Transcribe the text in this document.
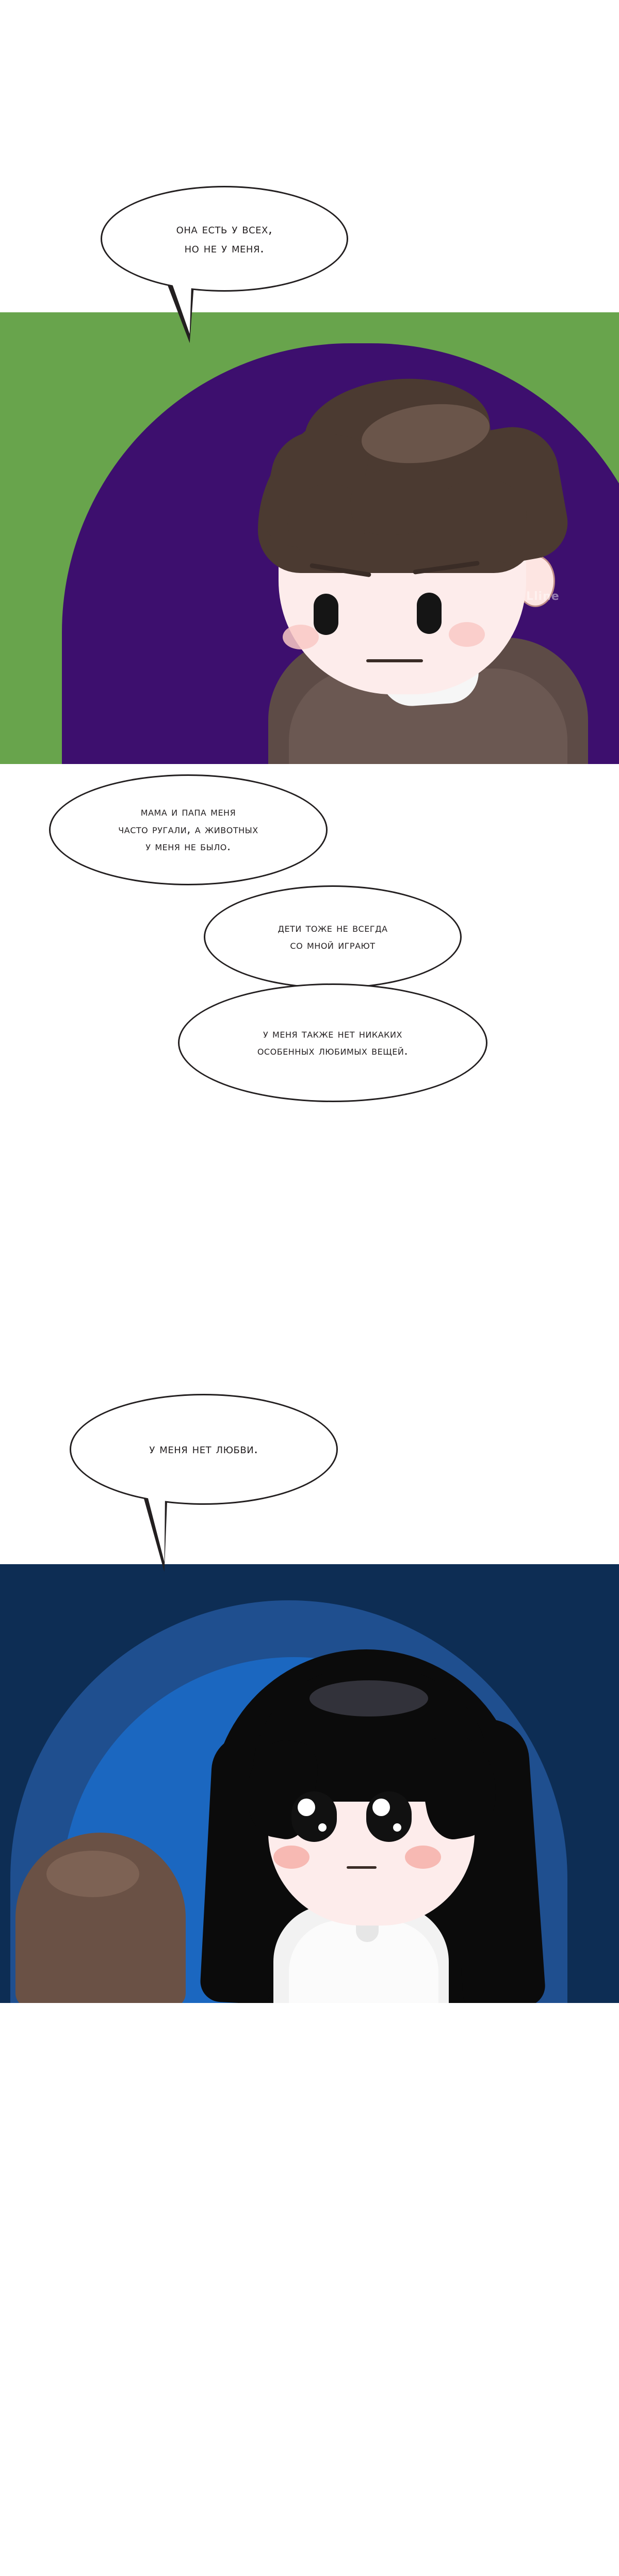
Lline

она есть у всех,
но не у меня.

мама и папа меня
часто ругали, а животных
у меня не было.

дети тоже не всегда
со мной играют

у меня также нет никаких
особенных любимых вещей.

у меня нет любви.
